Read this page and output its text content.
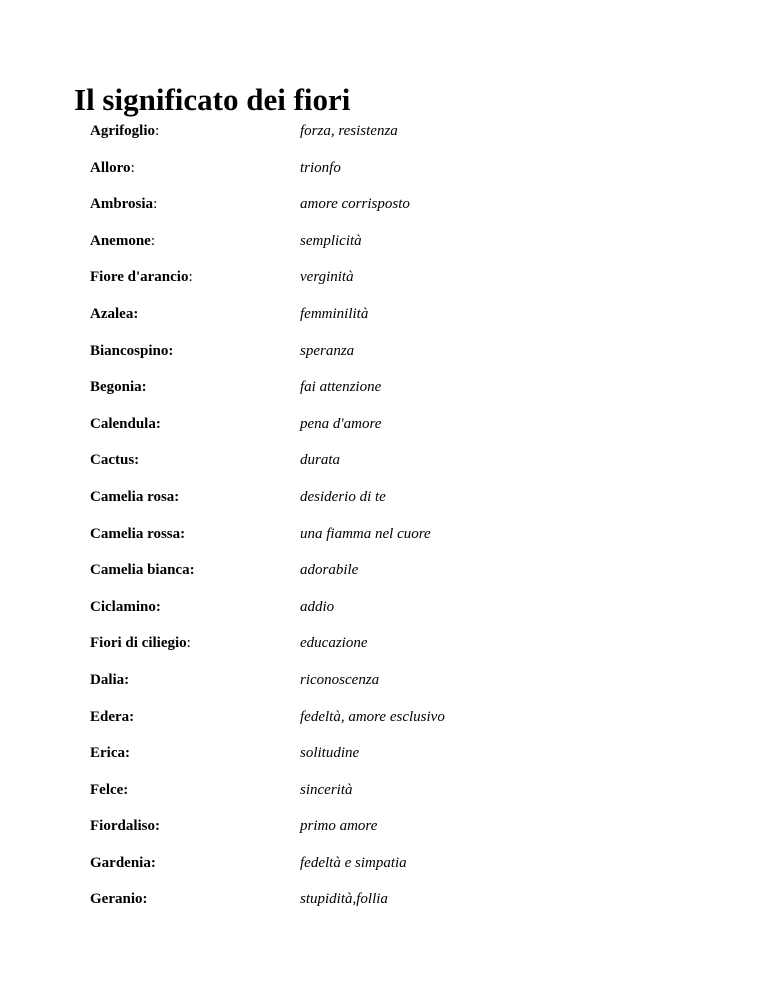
Il significato dei fiori
Agrifoglio:	forza, resistenza
Alloro:	trionfo
Ambrosia:	amore corrisposto
Anemone:	semplicità
Fiore d'arancio:	verginità
Azalea:	femminilità
Biancospino:	speranza
Begonia:	fai attenzione
Calendula:	pena d'amore
Cactus:	durata
Camelia rosa:	desiderio di te
Camelia rossa:	una fiamma nel cuore
Camelia bianca:	adorabile
Ciclamino:	addio
Fiori di ciliegio:	educazione
Dalia:	riconoscenza
Edera:	fedeltà, amore esclusivo
Erica:	solitudine
Felce:	sincerità
Fiordaliso:	primo amore
Gardenia:	fedeltà e simpatia
Geranio:	stupidità,follia
